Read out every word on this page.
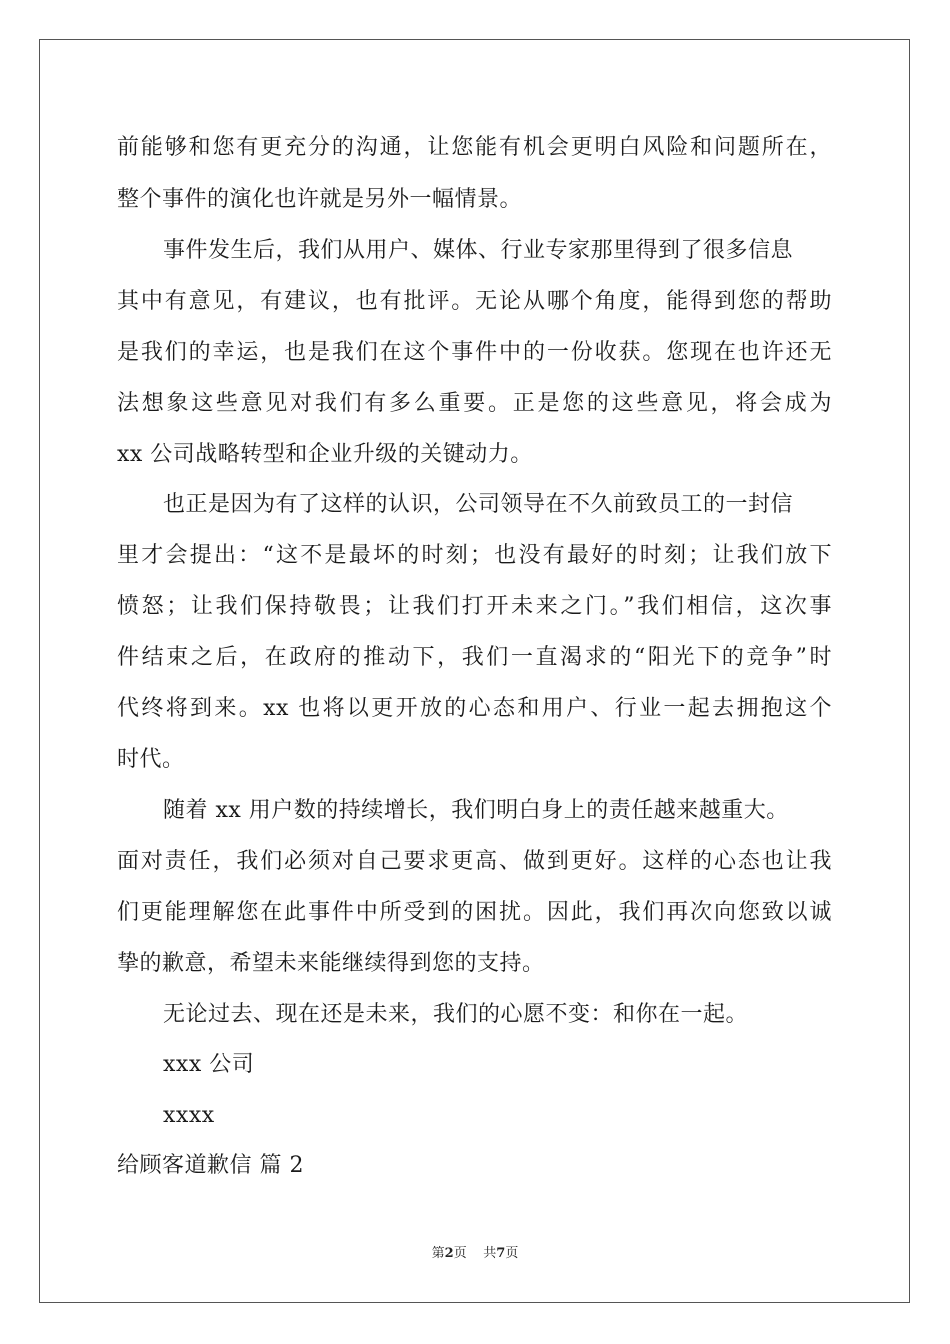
前能够和您有更充分的沟通，让您能有机会更明白风险和问题所在，
整个事件的演化也许就是另外一幅情景。
事件发生后，我们从用户、媒体、行业专家那里得到了很多信息
其中有意见，有建议，也有批评。无论从哪个角度，能得到您的帮助
是我们的幸运，也是我们在这个事件中的一份收获。您现在也许还无
法想象这些意见对我们有多么重要。正是您的这些意见，将会成为
xx 公司战略转型和企业升级的关键动力。
也正是因为有了这样的认识，公司领导在不久前致员工的一封信
里才会提出：“这不是最坏的时刻；也没有最好的时刻；让我们放下
愤怒；让我们保持敬畏；让我们打开未来之门。”我们相信，这次事
件结束之后，在政府的推动下，我们一直渴求的“阳光下的竞争”时
代终将到来。xx 也将以更开放的心态和用户、行业一起去拥抱这个
时代。
随着 xx 用户数的持续增长，我们明白身上的责任越来越重大。
面对责任，我们必须对自己要求更高、做到更好。这样的心态也让我
们更能理解您在此事件中所受到的困扰。因此，我们再次向您致以诚
挚的歉意，希望未来能继续得到您的支持。
无论过去、现在还是未来，我们的心愿不变：和你在一起。
xxx 公司
xxxx
给顾客道歉信 篇 2
第2页 共7页
